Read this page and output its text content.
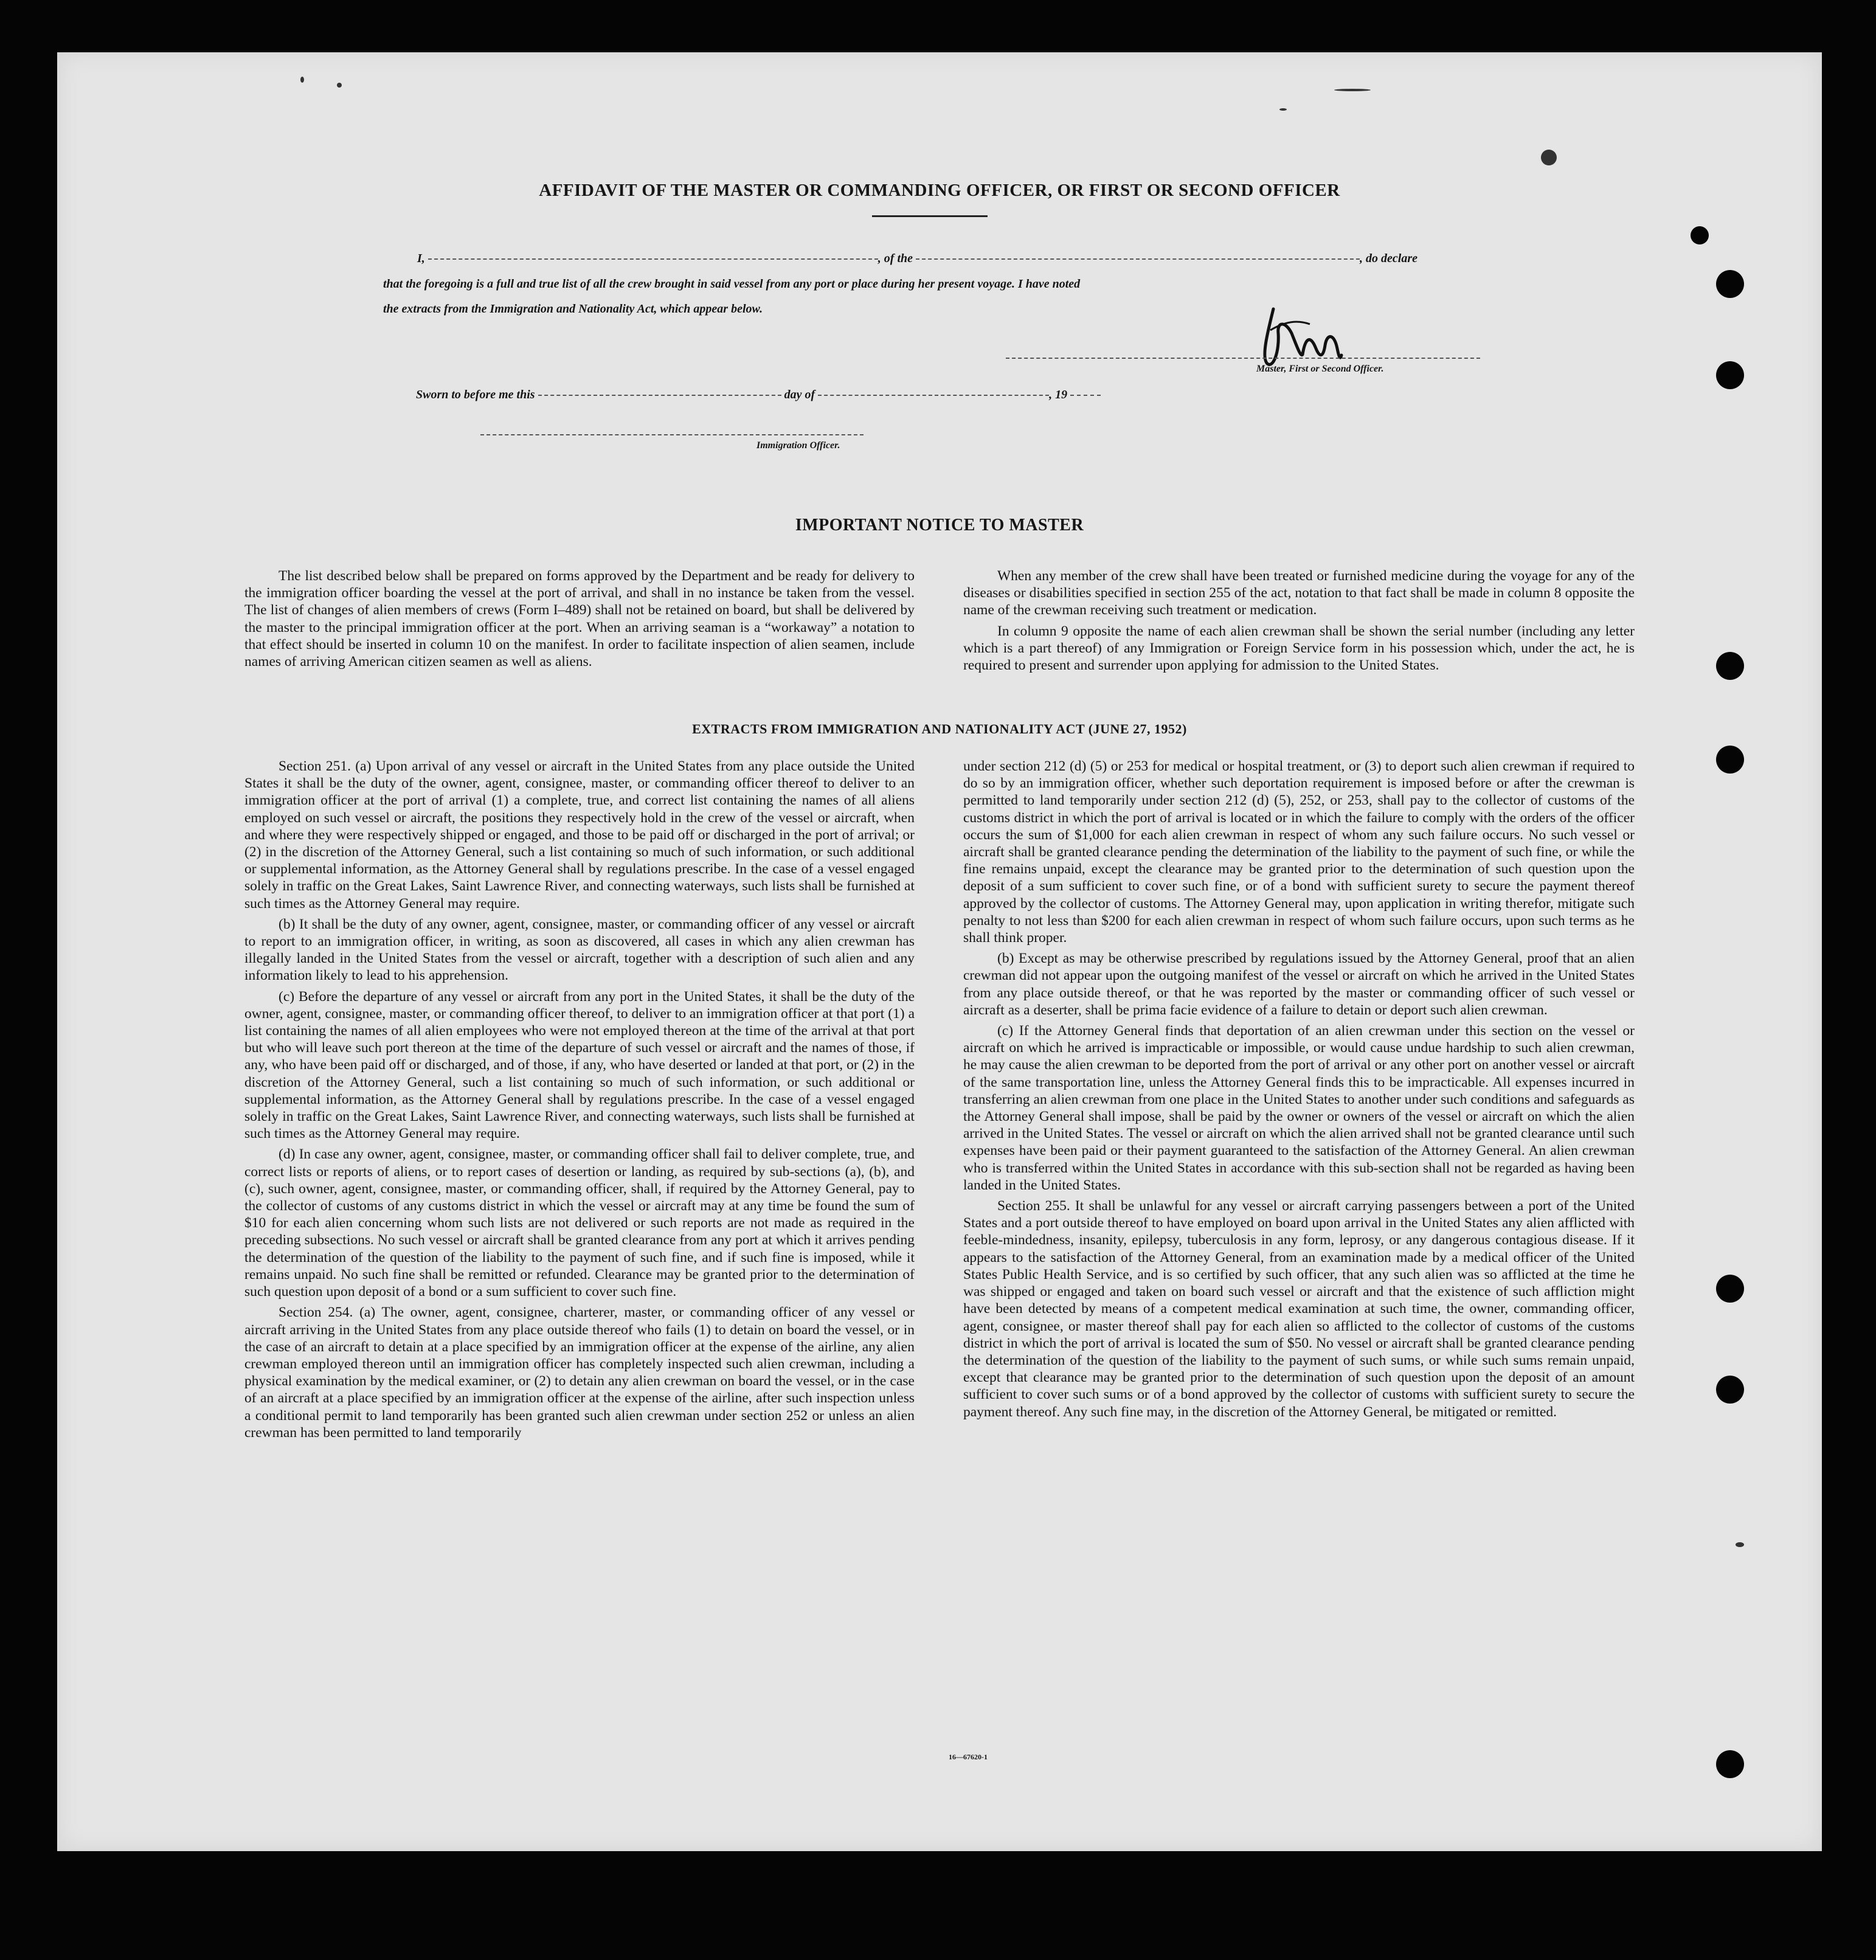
AFFIDAVIT OF THE MASTER OR COMMANDING OFFICER, OR FIRST OR SECOND OFFICER
I,	, of the	, do declare
that the foregoing is a full and true list of all the crew brought in said vessel from any port or place during her present voyage. I have noted
the extracts from the Immigration and Nationality Act, which appear below.
Master, First or Second Officer.
Sworn to before me this	day of	, 19
Immigration Officer.
IMPORTANT NOTICE TO MASTER

The list described below shall be prepared on forms approved by the Department and be ready for delivery to the immigration officer boarding the vessel at the port of arrival, and shall in no instance be taken from the vessel. The list of changes of alien members of crews (Form I–489) shall not be retained on board, but shall be delivered by the master to the principal immigration officer at the port. When an arriving seaman is a “workaway” a notation to that effect should be inserted in column 10 on the manifest. In order to facilitate inspection of alien seamen, include names of arriving American citizen seamen as well as aliens.

When any member of the crew shall have been treated or furnished medicine during the voyage for any of the diseases or disabilities specified in section 255 of the act, notation to that fact shall be made in column 8 opposite the name of the crewman receiving such treatment or medication.

In column 9 opposite the name of each alien crewman shall be shown the serial number (including any letter which is a part thereof) of any Immigration or Foreign Service form in his possession which, under the act, he is required to present and surrender upon applying for admission to the United States.

EXTRACTS FROM IMMIGRATION AND NATIONALITY ACT (JUNE 27, 1952)

Section 251. (a) Upon arrival of any vessel or aircraft in the United States from any place outside the United States it shall be the duty of the owner, agent, consignee, master, or commanding officer thereof to deliver to an immigration officer at the port of arrival (1) a complete, true, and correct list containing the names of all aliens employed on such vessel or aircraft, the positions they respectively hold in the crew of the vessel or aircraft, when and where they were respectively shipped or engaged, and those to be paid off or discharged in the port of arrival; or (2) in the discretion of the Attorney General, such a list containing so much of such information, or such additional or supplemental information, as the Attorney General shall by regulations prescribe. In the case of a vessel engaged solely in traffic on the Great Lakes, Saint Lawrence River, and connecting waterways, such lists shall be furnished at such times as the Attorney General may require.

(b) It shall be the duty of any owner, agent, consignee, master, or commanding officer of any vessel or aircraft to report to an immigration officer, in writing, as soon as discovered, all cases in which any alien crewman has illegally landed in the United States from the vessel or aircraft, together with a description of such alien and any information likely to lead to his apprehension.

(c) Before the departure of any vessel or aircraft from any port in the United States, it shall be the duty of the owner, agent, consignee, master, or commanding officer thereof, to deliver to an immigration officer at that port (1) a list containing the names of all alien employees who were not employed thereon at the time of the arrival at that port but who will leave such port thereon at the time of the departure of such vessel or aircraft and the names of those, if any, who have been paid off or discharged, and of those, if any, who have deserted or landed at that port, or (2) in the discretion of the Attorney General, such a list containing so much of such information, or such additional or supplemental information, as the Attorney General shall by regulations prescribe. In the case of a vessel engaged solely in traffic on the Great Lakes, Saint Lawrence River, and connecting waterways, such lists shall be furnished at such times as the Attorney General may require.

(d) In case any owner, agent, consignee, master, or commanding officer shall fail to deliver complete, true, and correct lists or reports of aliens, or to report cases of desertion or landing, as required by sub-sections (a), (b), and (c), such owner, agent, consignee, master, or commanding officer, shall, if required by the Attorney General, pay to the collector of customs of any customs district in which the vessel or aircraft may at any time be found the sum of $10 for each alien concerning whom such lists are not delivered or such reports are not made as required in the preceding subsections. No such vessel or aircraft shall be granted clearance from any port at which it arrives pending the determination of the question of the liability to the payment of such fine, and if such fine is imposed, while it remains unpaid. No such fine shall be remitted or refunded. Clearance may be granted prior to the determination of such question upon deposit of a bond or a sum sufficient to cover such fine.

Section 254. (a) The owner, agent, consignee, charterer, master, or commanding officer of any vessel or aircraft arriving in the United States from any place outside thereof who fails (1) to detain on board the vessel, or in the case of an aircraft to detain at a place specified by an immigration officer at the expense of the airline, any alien crewman employed thereon until an immigration officer has completely inspected such alien crewman, including a physical examination by the medical examiner, or (2) to detain any alien crewman on board the vessel, or in the case of an aircraft at a place specified by an immigration officer at the expense of the airline, after such inspection unless a conditional permit to land temporarily has been granted such alien crewman under section 252 or unless an alien crewman has been permitted to land temporarily

under section 212 (d) (5) or 253 for medical or hospital treatment, or (3) to deport such alien crewman if required to do so by an immigration officer, whether such deportation requirement is imposed before or after the crewman is permitted to land temporarily under section 212 (d) (5), 252, or 253, shall pay to the collector of customs of the customs district in which the port of arrival is located or in which the failure to comply with the orders of the officer occurs the sum of $1,000 for each alien crewman in respect of whom any such failure occurs. No such vessel or aircraft shall be granted clearance pending the determination of the liability to the payment of such fine, or while the fine remains unpaid, except the clearance may be granted prior to the determination of such question upon the deposit of a sum sufficient to cover such fine, or of a bond with sufficient surety to secure the payment thereof approved by the collector of customs. The Attorney General may, upon application in writing therefor, mitigate such penalty to not less than $200 for each alien crewman in respect of whom such failure occurs, upon such terms as he shall think proper.

(b) Except as may be otherwise prescribed by regulations issued by the Attorney General, proof that an alien crewman did not appear upon the outgoing manifest of the vessel or aircraft on which he arrived in the United States from any place outside thereof, or that he was reported by the master or commanding officer of such vessel or aircraft as a deserter, shall be prima facie evidence of a failure to detain or deport such alien crewman.

(c) If the Attorney General finds that deportation of an alien crewman under this section on the vessel or aircraft on which he arrived is impracticable or impossible, or would cause undue hardship to such alien crewman, he may cause the alien crewman to be deported from the port of arrival or any other port on another vessel or aircraft of the same transportation line, unless the Attorney General finds this to be impracticable. All expenses incurred in transferring an alien crewman from one place in the United States to another under such conditions and safeguards as the Attorney General shall impose, shall be paid by the owner or owners of the vessel or aircraft on which the alien arrived in the United States. The vessel or aircraft on which the alien arrived shall not be granted clearance until such expenses have been paid or their payment guaranteed to the satisfaction of the Attorney General. An alien crewman who is transferred within the United States in accordance with this sub-section shall not be regarded as having been landed in the United States.

Section 255. It shall be unlawful for any vessel or aircraft carrying passengers between a port of the United States and a port outside thereof to have employed on board upon arrival in the United States any alien afflicted with feeble-mindedness, insanity, epilepsy, tuberculosis in any form, leprosy, or any dangerous contagious disease. If it appears to the satisfaction of the Attorney General, from an examination made by a medical officer of the United States Public Health Service, and is so certified by such officer, that any such alien was so afflicted at the time he was shipped or engaged and taken on board such vessel or aircraft and that the existence of such affliction might have been detected by means of a competent medical examination at such time, the owner, commanding officer, agent, consignee, or master thereof shall pay for each alien so afflicted to the collector of customs of the customs district in which the port of arrival is located the sum of $50. No vessel or aircraft shall be granted clearance pending the determination of the question of the liability to the payment of such sums, or while such sums remain unpaid, except that clearance may be granted prior to the determination of such question upon the deposit of an amount sufficient to cover such sums or of a bond approved by the collector of customs with sufficient surety to secure the payment thereof. Any such fine may, in the discretion of the Attorney General, be mitigated or remitted.

16—67620-1
